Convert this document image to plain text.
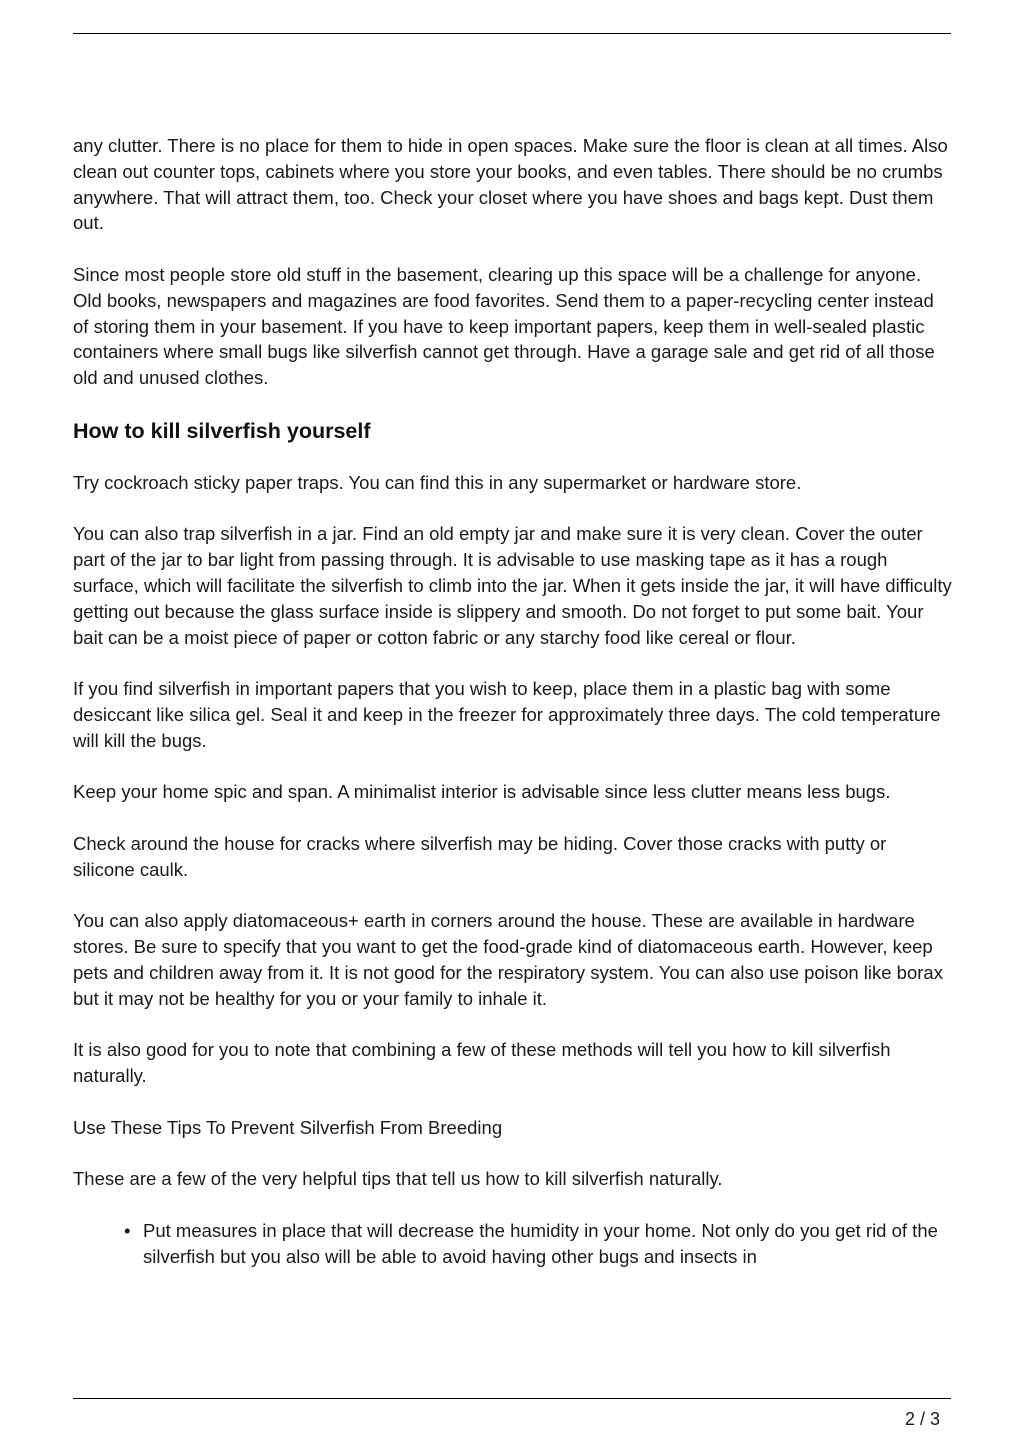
any clutter. There is no place for them to hide in open spaces. Make sure the floor is clean at all times. Also clean out counter tops, cabinets where you store your books, and even tables. There should be no crumbs anywhere. That will attract them, too. Check your closet where you have shoes and bags kept. Dust them out.

Since most people store old stuff in the basement, clearing up this space will be a challenge for anyone. Old books, newspapers and magazines are food favorites. Send them to a paper-recycling center instead of storing them in your basement. If you have to keep important papers, keep them in well-sealed plastic containers where small bugs like silverfish cannot get through. Have a garage sale and get rid of all those old and unused clothes.

How to kill silverfish yourself

Try cockroach sticky paper traps. You can find this in any supermarket or hardware store.

You can also trap silverfish in a jar. Find an old empty jar and make sure it is very clean. Cover the outer part of the jar to bar light from passing through. It is advisable to use masking tape as it has a rough surface, which will facilitate the silverfish to climb into the jar. When it gets inside the jar, it will have difficulty getting out because the glass surface inside is slippery and smooth. Do not forget to put some bait. Your bait can be a moist piece of paper or cotton fabric or any starchy food like cereal or flour.

If you find silverfish in important papers that you wish to keep, place them in a plastic bag with some desiccant like silica gel. Seal it and keep in the freezer for approximately three days. The cold temperature will kill the bugs.

Keep your home spic and span. A minimalist interior is advisable since less clutter means less bugs.

Check around the house for cracks where silverfish may be hiding. Cover those cracks with putty or silicone caulk.

You can also apply diatomaceous+ earth in corners around the house. These are available in hardware stores. Be sure to specify that you want to get the food-grade kind of diatomaceous earth. However, keep pets and children away from it. It is not good for the respiratory system. You can also use poison like borax but it may not be healthy for you or your family to inhale it.

It is also good for you to note that combining a few of these methods will tell you how to kill silverfish naturally.

Use These Tips To Prevent Silverfish From Breeding

These are a few of the very helpful tips that tell us how to kill silverfish naturally.

• Put measures in place that will decrease the humidity in your home. Not only do you get rid of the silverfish but you also will be able to avoid having other bugs and insects in
2 / 3
